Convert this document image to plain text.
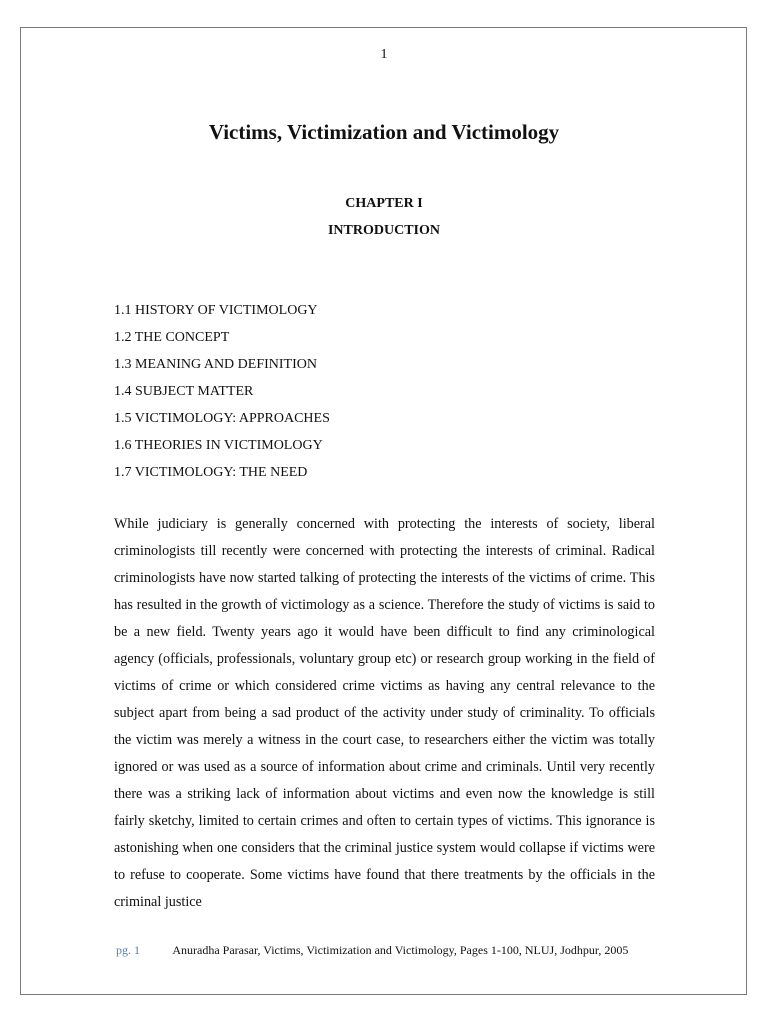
1
Victims, Victimization and Victimology
CHAPTER I
INTRODUCTION
1.1 HISTORY OF VICTIMOLOGY
1.2 THE CONCEPT
1.3 MEANING AND DEFINITION
1.4 SUBJECT MATTER
1.5 VICTIMOLOGY: APPROACHES
1.6 THEORIES IN VICTIMOLOGY
1.7 VICTIMOLOGY: THE NEED

While judiciary is generally concerned with protecting the interests of society, liberal criminologists till recently were concerned with protecting the interests of criminal. Radical criminologists have now started talking of protecting the interests of the victims of crime. This has resulted in the growth of victimology as a science. Therefore the study of victims is said to be a new field. Twenty years ago it would have been difficult to find any criminological agency (officials, professionals, voluntary group etc) or research group working in the field of victims of crime or which considered crime victims as having any central relevance to the subject apart from being a sad product of the activity under study of criminality. To officials the victim was merely a witness in the court case, to researchers either the victim was totally ignored or was used as a source of information about crime and criminals. Until very recently there was a striking lack of information about victims and even now the knowledge is still fairly sketchy, limited to certain crimes and often to certain types of victims. This ignorance is astonishing when one considers that the criminal justice system would collapse if victims were to refuse to cooperate. Some victims have found that there treatments by the officials in the criminal justice

pg. 1	Anuradha Parasar, Victims, Victimization and Victimology, Pages 1-100, NLUJ, Jodhpur, 2005
